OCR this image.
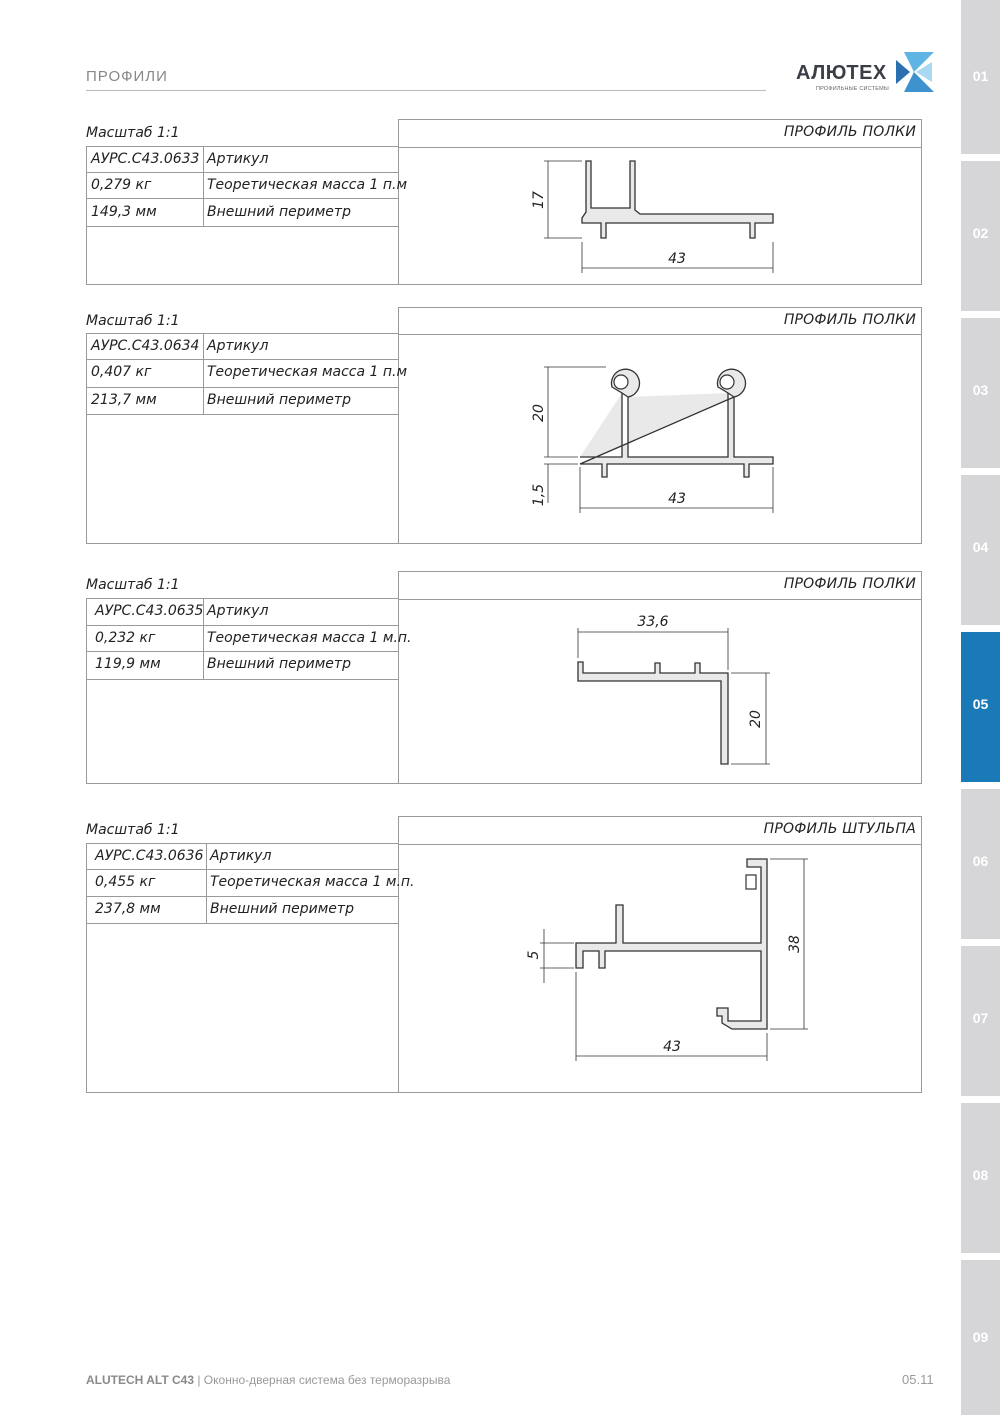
ПРОФИЛИ	АЛЮТЕХ
ПРОФИЛЬНЫЕ СИСТЕМЫ
01
02
03
04
05
06
07
08
09
Масштаб 1:1	ПРОФИЛЬ ПОЛКИ
АУРС.С43.0633 Артикул
0,279 кг	Теоретическая масса 1 п.м
149,3 мм	Внешний периметр
17
43
Масштаб 1:1	ПРОФИЛЬ ПОЛКИ
АУРС.С43.0634 Артикул
0,407 кг	Теоретическая масса 1 п.м
213,7 мм	Внешний периметр
20
1,5	43
Масштаб 1:1	ПРОФИЛЬ ПОЛКИ
АУРС.С43.0635 Артикул
0,232 кг	Теоретическая масса 1 м.п.
119,9 мм	Внешний периметр
33,6
20
Масштаб 1:1	ПРОФИЛЬ ШТУЛЬПА
АУРС.С43.0636 Артикул
0,455 кг	Теоретическая масса 1 м.п.
237,8 мм	Внешний периметр
5
38
43
ALUTECH ALT C43 | Оконно-дверная система без терморазрыва	05.11
